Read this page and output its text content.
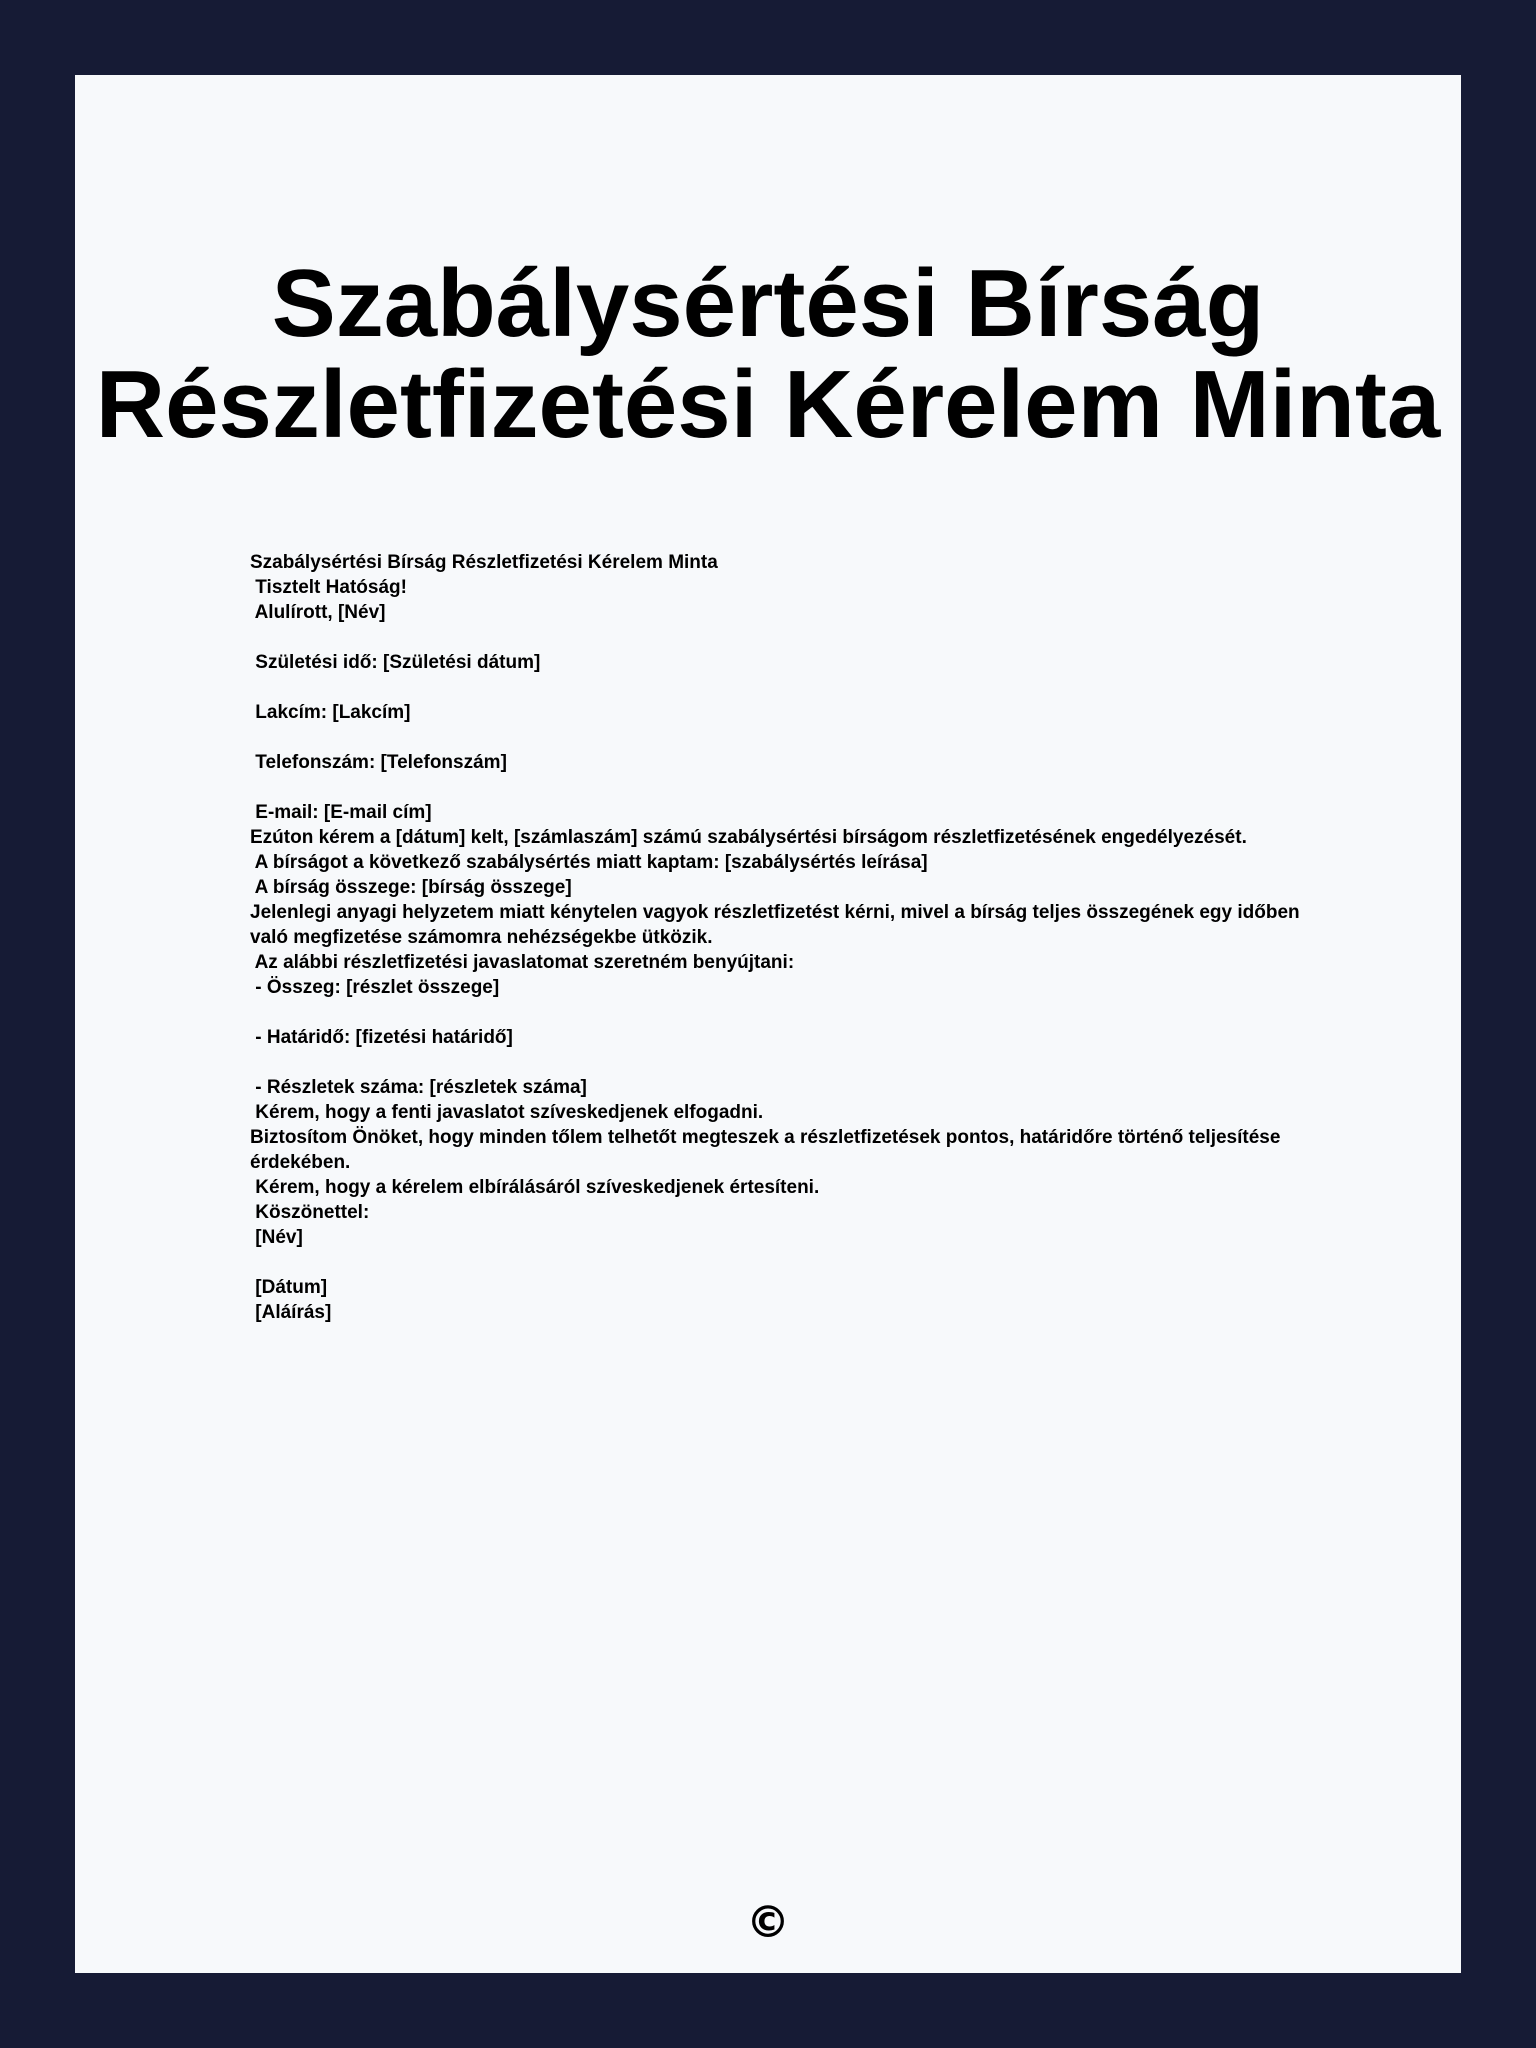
Szabálysértési Bírság
Részletfizetési Kérelem Minta
Szabálysértési Bírság Részletfizetési Kérelem Minta
Tisztelt Hatóság!
Alulírott, [Név]
Születési idő: [Születési dátum]
Lakcím: [Lakcím]
Telefonszám: [Telefonszám]
E-mail: [E-mail cím]
Ezúton kérem a [dátum] kelt, [számlaszám] számú szabálysértési bírságom részletfizetésének engedélyezését.
A bírságot a következő szabálysértés miatt kaptam: [szabálysértés leírása]
A bírság összege: [bírság összege]
Jelenlegi anyagi helyzetem miatt kénytelen vagyok részletfizetést kérni, mivel a bírság teljes összegének egy időben való megfizetése számomra nehézségekbe ütközik.
Az alábbi részletfizetési javaslatomat szeretném benyújtani:
- Összeg: [részlet összege]
- Határidő: [fizetési határidő]
- Részletek száma: [részletek száma]
Kérem, hogy a fenti javaslatot szíveskedjenek elfogadni.
Biztosítom Önöket, hogy minden tőlem telhetőt megteszek a részletfizetések pontos, határidőre történő teljesítése érdekében.
Kérem, hogy a kérelem elbírálásáról szíveskedjenek értesíteni.
Köszönettel:
[Név]
[Dátum]
[Aláírás]
©
